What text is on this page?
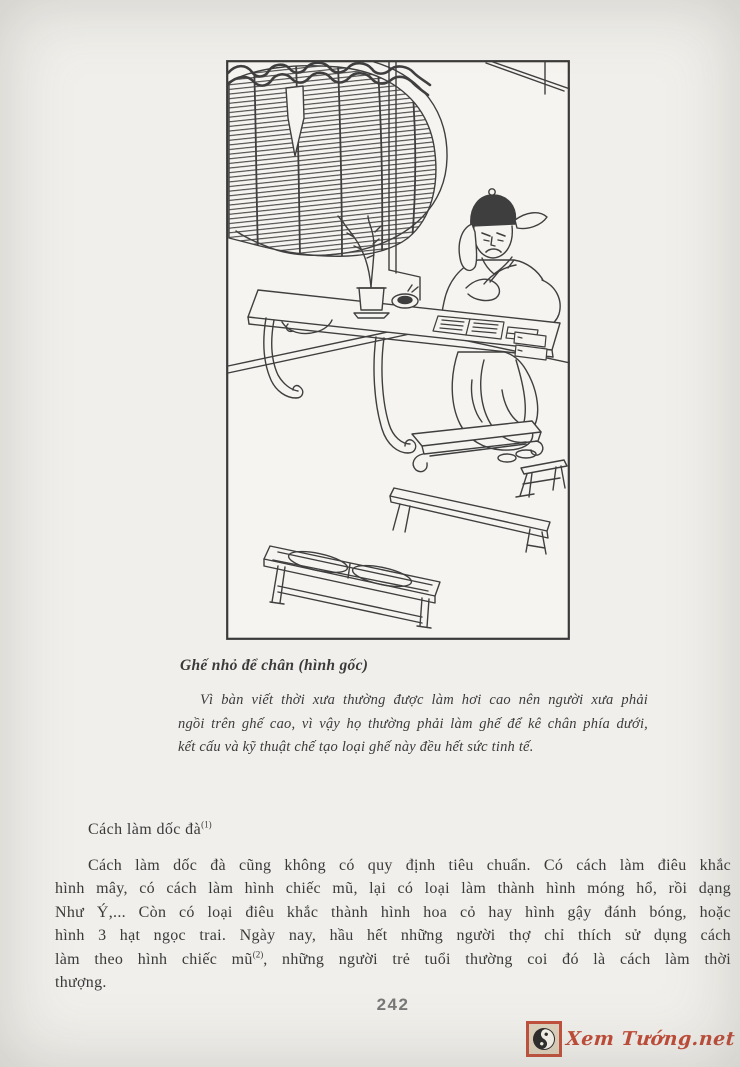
Ghế nhỏ để chân (hình gốc)
Vì bàn viết thời xưa thường được làm hơi cao nên người xưa phải
ngồi trên ghế cao, vì vậy họ thường phải làm ghế để kê chân phía dưới,
kết cấu và kỹ thuật chế tạo loại ghế này đều hết sức tinh tế.
Cách làm dốc đà$^{(1)}$
Cách làm dốc đà cũng không có quy định tiêu chuẩn. Có cách làm điêu khắc
hình mây, có cách làm hình chiếc mũ, lại có loại làm thành hình móng hổ, rồi dạng
Như Ý,... Còn có loại điêu khắc thành hình hoa cỏ hay hình gậy đánh bóng, hoặc
hình 3 hạt ngọc trai. Ngày nay, hầu hết những người thợ chỉ thích sử dụng cách
làm theo hình chiếc mũ$^{(2)}$, những người trẻ tuổi thường coi đó là cách làm thời
thượng.
242
Xem Tướng.net
